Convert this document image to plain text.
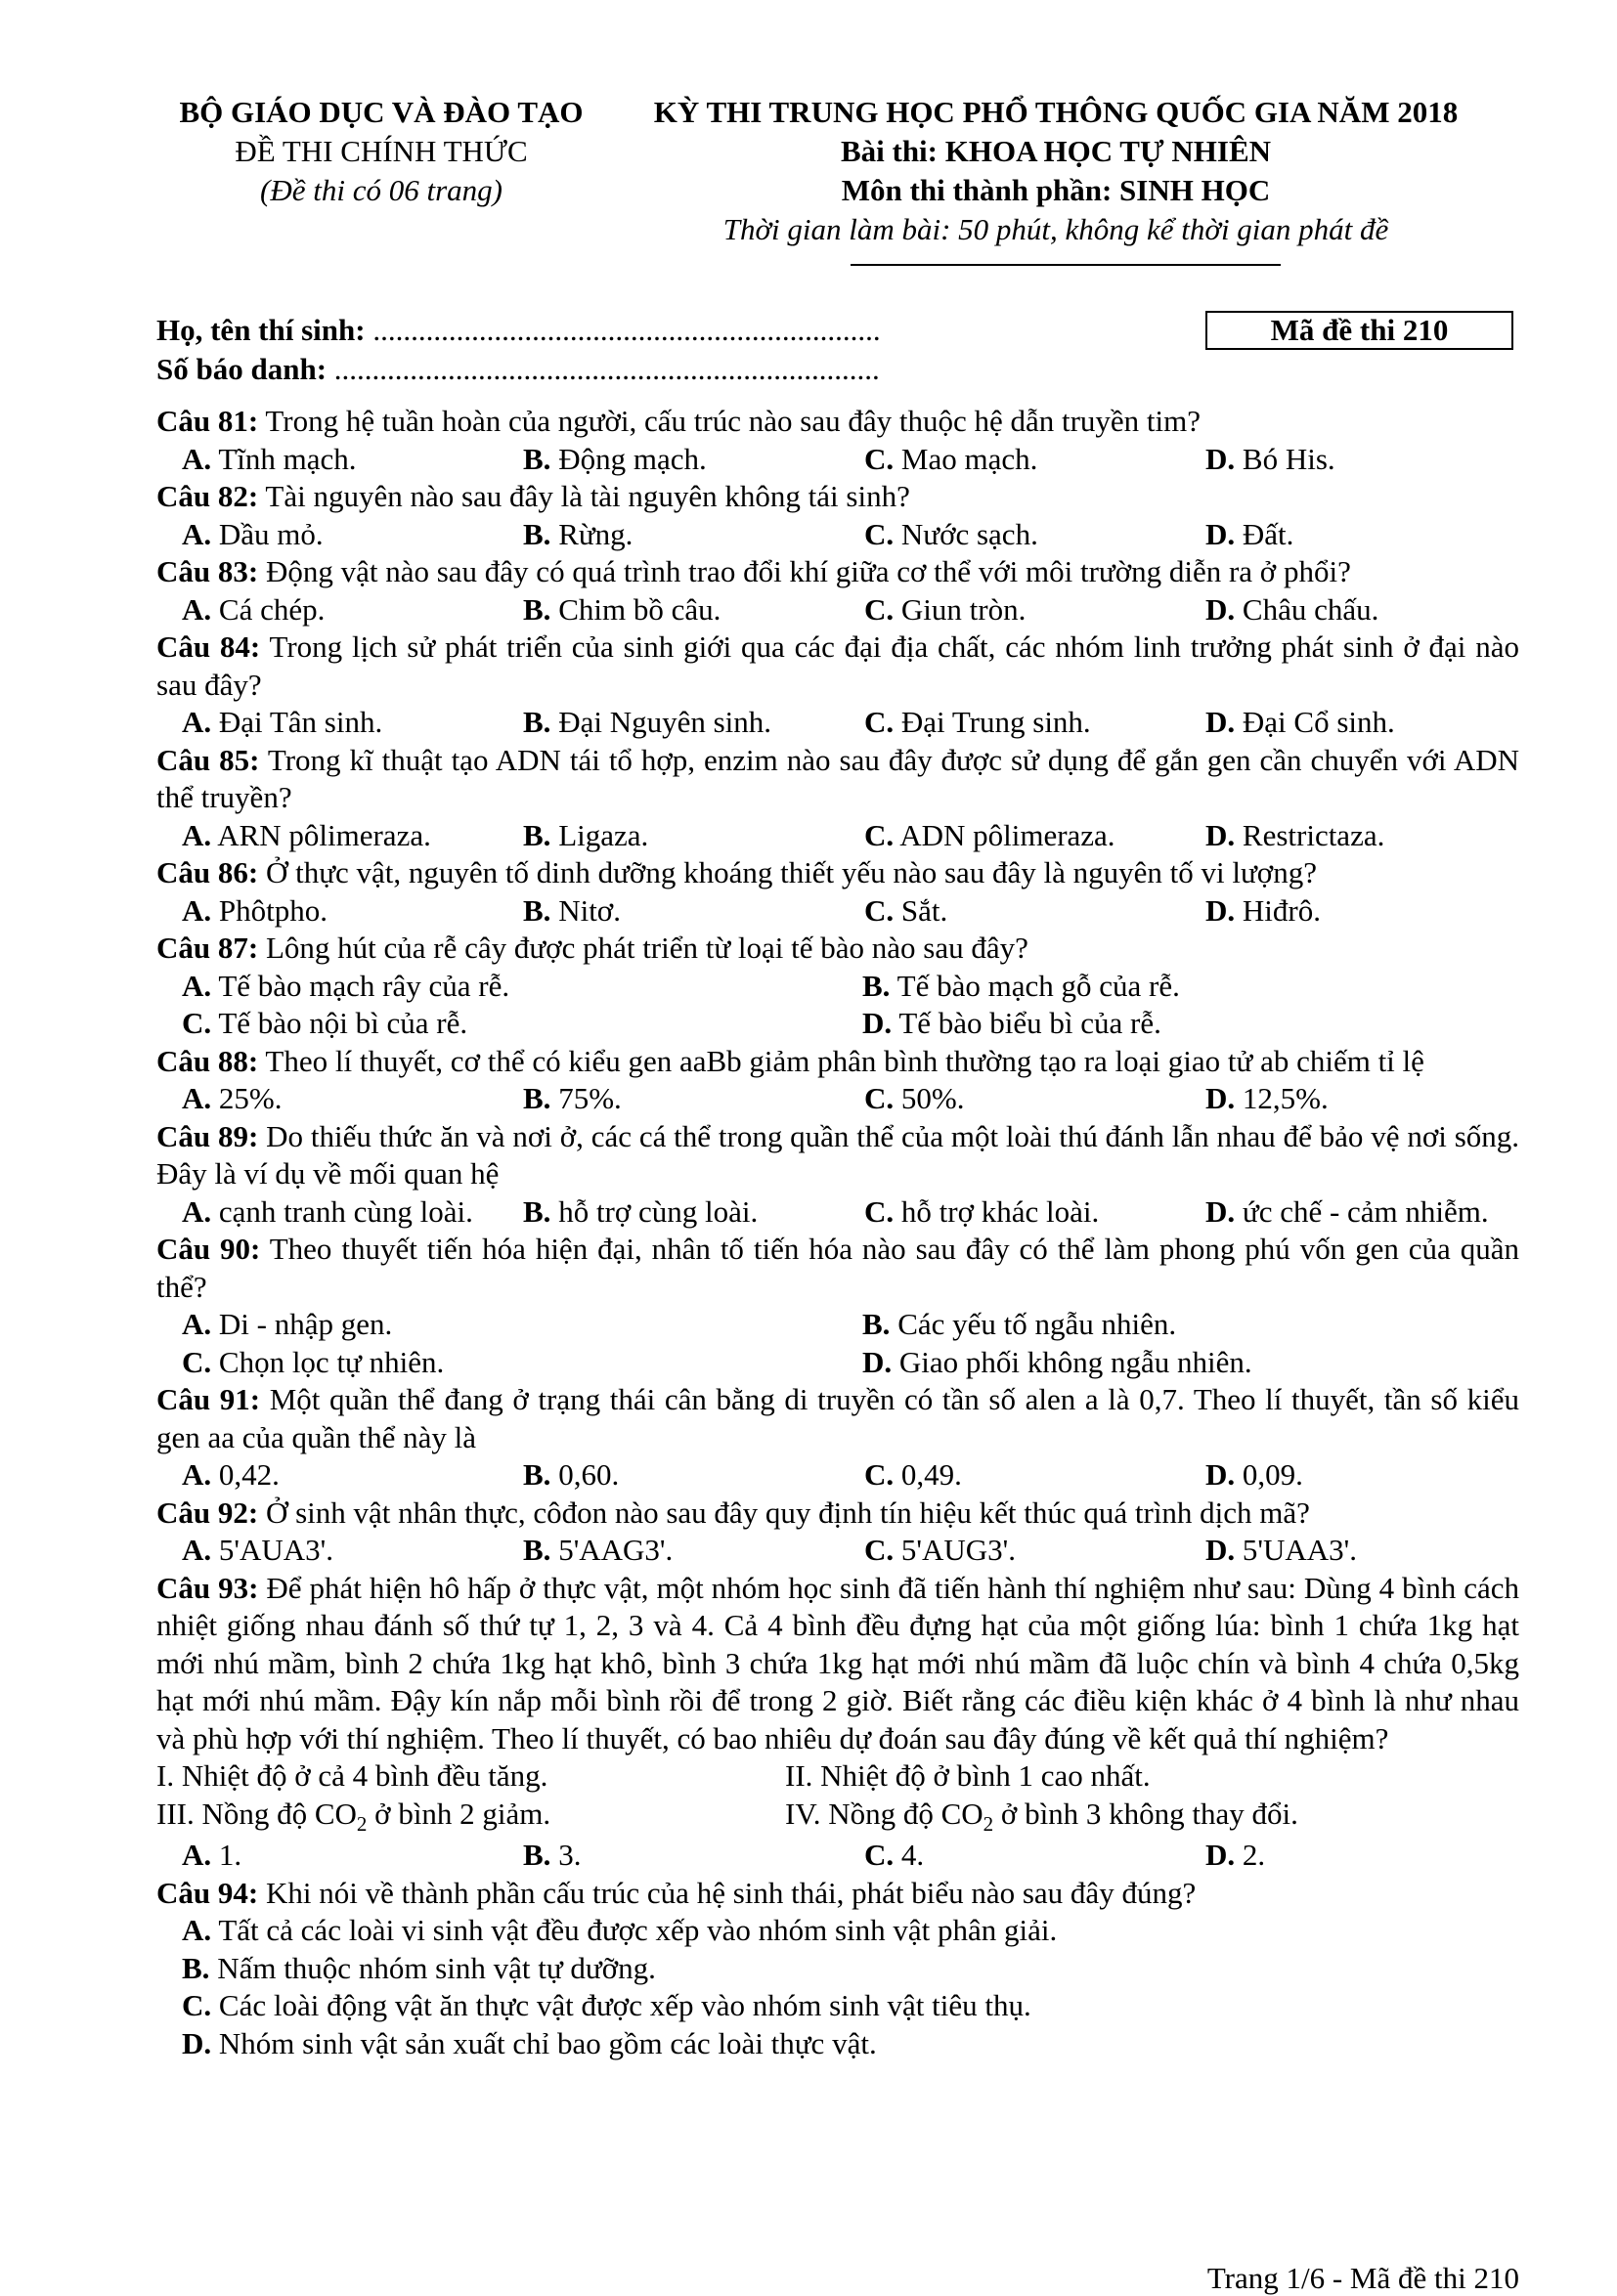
BỘ GIÁO DỤC VÀ ĐÀO TẠO
ĐỀ THI CHÍNH THỨC
(Đề thi có 06 trang)
KỲ THI TRUNG HỌC PHỔ THÔNG QUỐC GIA NĂM 2018
Bài thi: KHOA HỌC TỰ NHIÊN
Môn thi thành phần: SINH HỌC
Thời gian làm bài: 50 phút, không kể thời gian phát đề
Họ, tên thí sinh: ...................................................................
Số báo danh: ........................................................................
Mã đề thi 210
Câu 81: Trong hệ tuần hoàn của người, cấu trúc nào sau đây thuộc hệ dẫn truyền tim?
A. Tĩnh mạch.	B. Động mạch.	C. Mao mạch.	D. Bó His.
Câu 82: Tài nguyên nào sau đây là tài nguyên không tái sinh?
A. Dầu mỏ.	B. Rừng.	C. Nước sạch.	D. Đất.
Câu 83: Động vật nào sau đây có quá trình trao đổi khí giữa cơ thể với môi trường diễn ra ở phổi?
A. Cá chép.	B. Chim bồ câu.	C. Giun tròn.	D. Châu chấu.
Câu 84: Trong lịch sử phát triển của sinh giới qua các đại địa chất, các nhóm linh trưởng phát sinh ở đại nào sau đây?
A. Đại Tân sinh.	B. Đại Nguyên sinh.	C. Đại Trung sinh.	D. Đại Cổ sinh.
Câu 85: Trong kĩ thuật tạo ADN tái tổ hợp, enzim nào sau đây được sử dụng để gắn gen cần chuyển với ADN thể truyền?
A. ARN pôlimeraza.	B. Ligaza.	C. ADN pôlimeraza.	D. Restrictaza.
Câu 86: Ở thực vật, nguyên tố dinh dưỡng khoáng thiết yếu nào sau đây là nguyên tố vi lượng?
A. Phôtpho.	B. Nitơ.	C. Sắt.	D. Hiđrô.
Câu 87: Lông hút của rễ cây được phát triển từ loại tế bào nào sau đây?
A. Tế bào mạch rây của rễ.	B. Tế bào mạch gỗ của rễ.
C. Tế bào nội bì của rễ.	D. Tế bào biểu bì của rễ.
Câu 88: Theo lí thuyết, cơ thể có kiểu gen aaBb giảm phân bình thường tạo ra loại giao tử ab chiếm tỉ lệ
A. 25%.	B. 75%.	C. 50%.	D. 12,5%.
Câu 89: Do thiếu thức ăn và nơi ở, các cá thể trong quần thể của một loài thú đánh lẫn nhau để bảo vệ nơi sống. Đây là ví dụ về mối quan hệ
A. cạnh tranh cùng loài.	B. hỗ trợ cùng loài.	C. hỗ trợ khác loài.	D. ức chế - cảm nhiễm.
Câu 90: Theo thuyết tiến hóa hiện đại, nhân tố tiến hóa nào sau đây có thể làm phong phú vốn gen của quần thể?
A. Di - nhập gen.	B. Các yếu tố ngẫu nhiên.
C. Chọn lọc tự nhiên.	D. Giao phối không ngẫu nhiên.
Câu 91: Một quần thể đang ở trạng thái cân bằng di truyền có tần số alen a là 0,7. Theo lí thuyết, tần số kiểu gen aa của quần thể này là
A. 0,42.	B. 0,60.	C. 0,49.	D. 0,09.
Câu 92: Ở sinh vật nhân thực, côđon nào sau đây quy định tín hiệu kết thúc quá trình dịch mã?
A. 5'AUA3'.	B. 5'AAG3'.	C. 5'AUG3'.	D. 5'UAA3'.
Câu 93: Để phát hiện hô hấp ở thực vật, một nhóm học sinh đã tiến hành thí nghiệm như sau: Dùng 4 bình cách nhiệt giống nhau đánh số thứ tự 1, 2, 3 và 4. Cả 4 bình đều đựng hạt của một giống lúa: bình 1 chứa 1kg hạt mới nhú mầm, bình 2 chứa 1kg hạt khô, bình 3 chứa 1kg hạt mới nhú mầm đã luộc chín và bình 4 chứa 0,5kg hạt mới nhú mầm. Đậy kín nắp mỗi bình rồi để trong 2 giờ. Biết rằng các điều kiện khác ở 4 bình là như nhau và phù hợp với thí nghiệm. Theo lí thuyết, có bao nhiêu dự đoán sau đây đúng về kết quả thí nghiệm?
I. Nhiệt độ ở cả 4 bình đều tăng.	II. Nhiệt độ ở bình 1 cao nhất.
III. Nồng độ $CO_2$ ở bình 2 giảm.	IV. Nồng độ $CO_2$ ở bình 3 không thay đổi.
A. 1.	B. 3.	C. 4.	D. 2.
Câu 94: Khi nói về thành phần cấu trúc của hệ sinh thái, phát biểu nào sau đây đúng?
A. Tất cả các loài vi sinh vật đều được xếp vào nhóm sinh vật phân giải.
B. Nấm thuộc nhóm sinh vật tự dưỡng.
C. Các loài động vật ăn thực vật được xếp vào nhóm sinh vật tiêu thụ.
D. Nhóm sinh vật sản xuất chỉ bao gồm các loài thực vật.
Trang 1/6 - Mã đề thi 210
